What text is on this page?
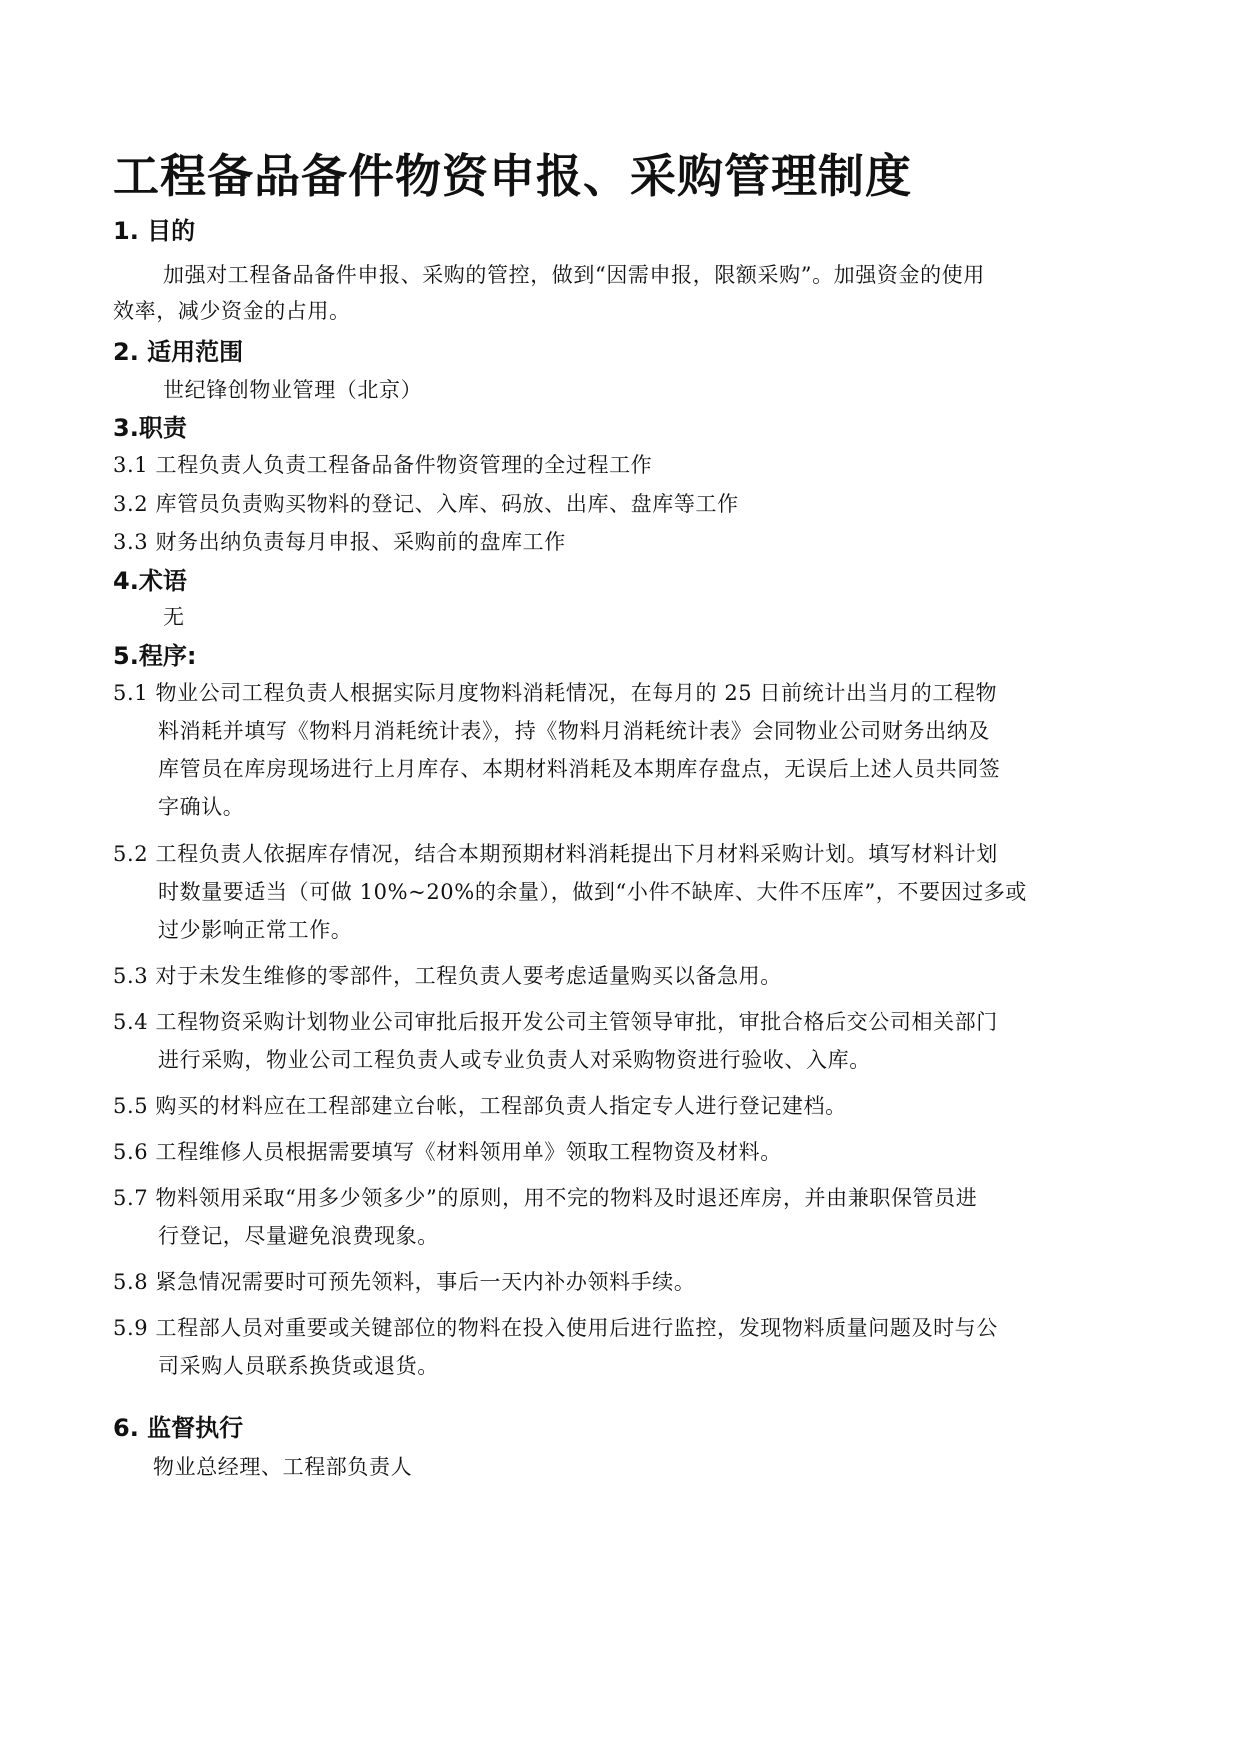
工程备品备件物资申报、采购管理制度
1. 目的
加强对工程备品备件申报、采购的管控，做到“因需申报，限额采购”。加强资金的使用
效率，减少资金的占用。
2. 适用范围
世纪锋创物业管理（北京）
3.职责
3.1 工程负责人负责工程备品备件物资管理的全过程工作
3.2 库管员负责购买物料的登记、入库、码放、出库、盘库等工作
3.3 财务出纳负责每月申报、采购前的盘库工作
4.术语
无
5.程序:
5.1 物业公司工程负责人根据实际月度物料消耗情况，在每月的 25 日前统计出当月的工程物
料消耗并填写《物料月消耗统计表》，持《物料月消耗统计表》会同物业公司财务出纳及
库管员在库房现场进行上月库存、本期材料消耗及本期库存盘点，无误后上述人员共同签
字确认。
5.2 工程负责人依据库存情况，结合本期预期材料消耗提出下月材料采购计划。填写材料计划
时数量要适当（可做 10%~20%的余量），做到“小件不缺库、大件不压库”，不要因过多或
过少影响正常工作。
5.3 对于未发生维修的零部件，工程负责人要考虑适量购买以备急用。
5.4 工程物资采购计划物业公司审批后报开发公司主管领导审批，审批合格后交公司相关部门
进行采购，物业公司工程负责人或专业负责人对采购物资进行验收、入库。
5.5 购买的材料应在工程部建立台帐，工程部负责人指定专人进行登记建档。
5.6 工程维修人员根据需要填写《材料领用单》领取工程物资及材料。
5.7 物料领用采取“用多少领多少”的原则，用不完的物料及时退还库房，并由兼职保管员进
行登记，尽量避免浪费现象。
5.8 紧急情况需要时可预先领料，事后一天内补办领料手续。
5.9 工程部人员对重要或关键部位的物料在投入使用后进行监控，发现物料质量问题及时与公
司采购人员联系换货或退货。
6. 监督执行
物业总经理、工程部负责人
